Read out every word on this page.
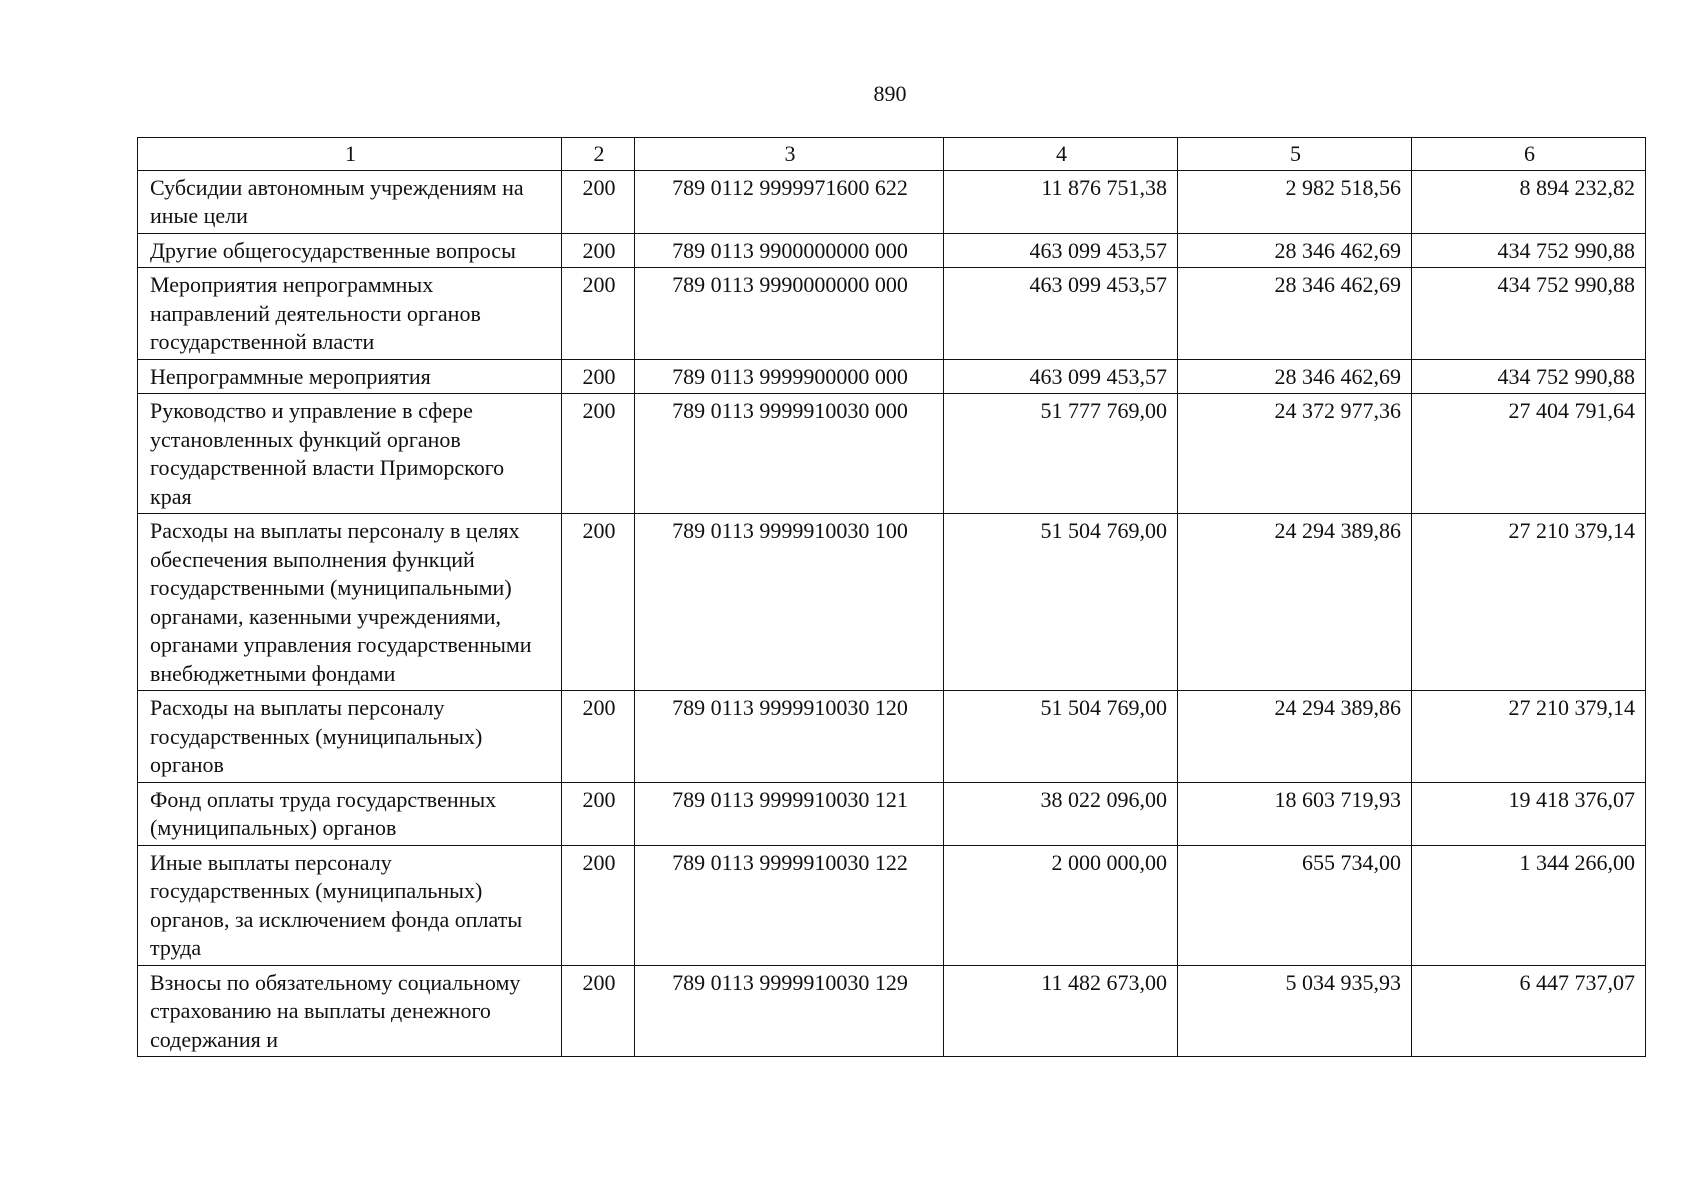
890
1	2	3	4	5	6
Субсидии автономным учреждениям на иные цели	200	789 0112 9999971600 622	11 876 751,38	2 982 518,56	8 894 232,82
Другие общегосударственные вопросы	200	789 0113 9900000000 000	463 099 453,57	28 346 462,69	434 752 990,88
Мероприятия непрограммных направлений деятельности органов государственной власти	200	789 0113 9990000000 000	463 099 453,57	28 346 462,69	434 752 990,88
Непрограммные мероприятия	200	789 0113 9999900000 000	463 099 453,57	28 346 462,69	434 752 990,88
Руководство и управление в сфере установленных функций органов государственной власти Приморского края	200	789 0113 9999910030 000	51 777 769,00	24 372 977,36	27 404 791,64
Расходы на выплаты персоналу в целях обеспечения выполнения функций государственными (муниципальными) органами, казенными учреждениями, органами управления государственными внебюджетными фондами	200	789 0113 9999910030 100	51 504 769,00	24 294 389,86	27 210 379,14
Расходы на выплаты персоналу государственных (муниципальных) органов	200	789 0113 9999910030 120	51 504 769,00	24 294 389,86	27 210 379,14
Фонд оплаты труда государственных (муниципальных) органов	200	789 0113 9999910030 121	38 022 096,00	18 603 719,93	19 418 376,07
Иные выплаты персоналу государственных (муниципальных) органов, за исключением фонда оплаты труда	200	789 0113 9999910030 122	2 000 000,00	655 734,00	1 344 266,00
Взносы по обязательному социальному страхованию на выплаты денежного содержания и	200	789 0113 9999910030 129	11 482 673,00	5 034 935,93	6 447 737,07
